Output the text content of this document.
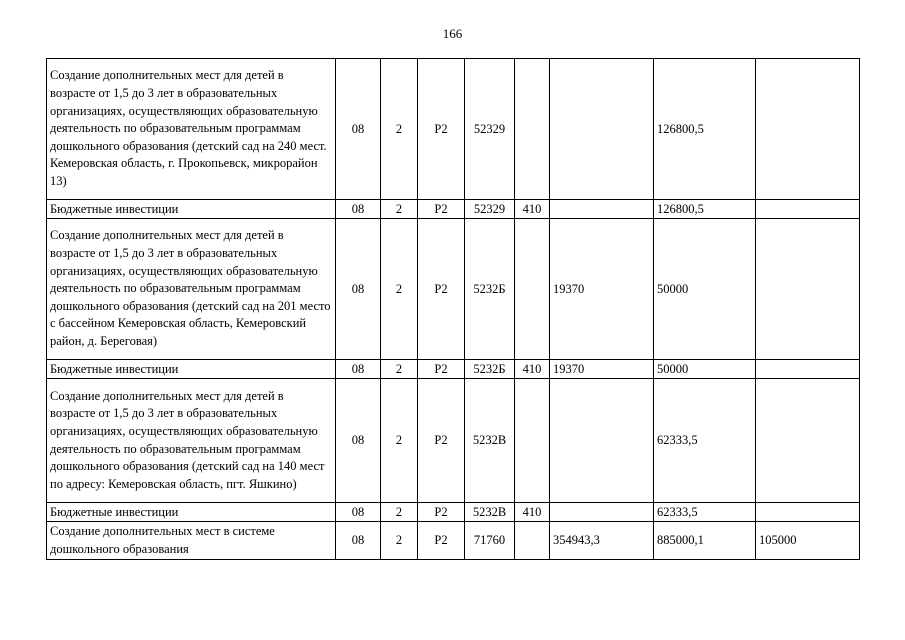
166
Создание дополнительных мест для детей в возрасте от 1,5 до 3 лет в образовательных организациях, осуществляющих образовательную деятельность по образовательным программам дошкольного образования (детский сад на 240 мест. Кемеровская область, г. Прокопьевск, микрорайон 13)	08	2	Р2	52329			126800,5	
Бюджетные инвестиции	08	2	Р2	52329	410		126800,5	
Создание дополнительных мест для детей в возрасте от 1,5 до 3 лет в образовательных организациях, осуществляющих образовательную деятельность по образовательным программам дошкольного образования (детский сад на 201 место с бассейном Кемеровская область, Кемеровский район, д. Береговая)	08	2	Р2	5232Б		19370	50000	
Бюджетные инвестиции	08	2	Р2	5232Б	410	19370	50000	
Создание дополнительных мест для детей в возрасте от 1,5 до 3 лет в образовательных организациях, осуществляющих образовательную деятельность по образовательным программам дошкольного образования (детский сад на 140 мест по адресу: Кемеровская область, пгт. Яшкино)	08	2	Р2	5232В			62333,5	
Бюджетные инвестиции	08	2	Р2	5232В	410		62333,5	
Создание дополнительных мест в системе дошкольного образования	08	2	Р2	71760		354943,3	885000,1	105000
